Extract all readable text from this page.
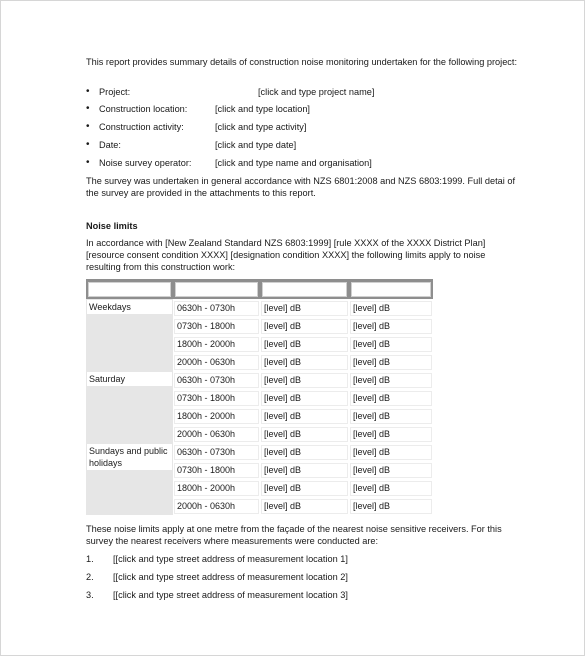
This report provides summary details of construction noise monitoring undertaken for the following project:

• Project:	[click and type project name]
• Construction location:	[click and type location]
• Construction activity:	[click and type activity]
• Date:	[click and type date]
• Noise survey operator:	[click and type name and organisation]

The survey was undertaken in general accordance with NZS 6801:2008 and NZS 6803:1999. Full detai of the survey are provided in the attachments to this report.

Noise limits

In accordance with [New Zealand Standard NZS 6803:1999] [rule XXXX of the XXXX District Plan] [resource consent condition XXXX] [designation condition XXXX] the following limits apply to noise resulting from this construction work:

Weekdays	0630h - 0730h	[level] dB	[level] dB

	0730h - 1800h	[level] dB	[level] dB

	1800h - 2000h	[level] dB	[level] dB

	2000h - 0630h	[level] dB	[level] dB

Saturday	0630h - 0730h	[level] dB	[level] dB

	0730h - 1800h	[level] dB	[level] dB

	1800h - 2000h	[level] dB	[level] dB

	2000h - 0630h	[level] dB	[level] dB

Sundays and public holidays	0630h - 0730h	[level] dB	[level] dB

	0730h - 1800h	[level] dB	[level] dB

	1800h - 2000h	[level] dB	[level] dB

	2000h - 0630h	[level] dB	[level] dB

These noise limits apply at one metre from the façade of the nearest noise sensitive receivers. For this survey the nearest receivers where measurements were conducted are:

1. [[click and type street address of measurement location 1]
2. [[click and type street address of measurement location 2]
3. [[click and type street address of measurement location 3]
